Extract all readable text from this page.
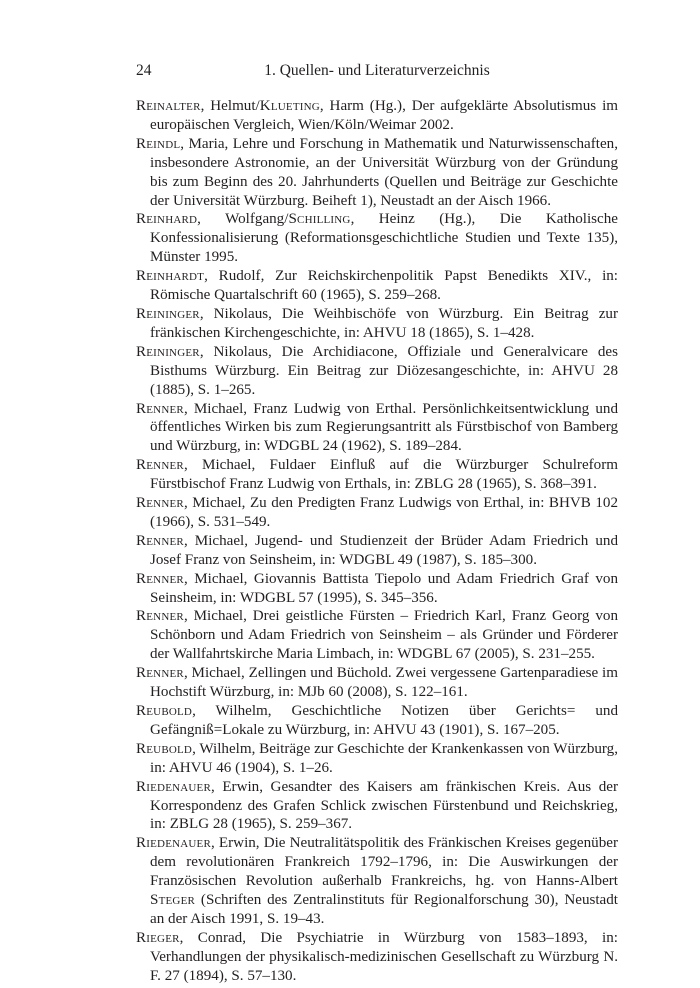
24	1. Quellen- und Literaturverzeichnis

Reinalter, Helmut/Klueting, Harm (Hg.), Der aufgeklärte Absolutismus im europäischen Vergleich, Wien/Köln/Weimar 2002.

Reindl, Maria, Lehre und Forschung in Mathematik und Naturwissenschaften, insbesondere Astronomie, an der Universität Würzburg von der Gründung bis zum Beginn des 20. Jahrhunderts (Quellen und Beiträge zur Geschichte der Universität Würzburg. Beiheft 1), Neustadt an der Aisch 1966.

Reinhard, Wolfgang/Schilling, Heinz (Hg.), Die Katholische Konfessionalisierung (Reformationsgeschichtliche Studien und Texte 135), Münster 1995.

Reinhardt, Rudolf, Zur Reichskirchenpolitik Papst Benedikts XIV., in: Römische Quartalschrift 60 (1965), S. 259–268.

Reininger, Nikolaus, Die Weihbischöfe von Würzburg. Ein Beitrag zur fränkischen Kirchengeschichte, in: AHVU 18 (1865), S. 1–428.

Reininger, Nikolaus, Die Archidiacone, Offiziale und Generalvicare des Bisthums Würzburg. Ein Beitrag zur Diözesangeschichte, in: AHVU 28 (1885), S. 1–265.

Renner, Michael, Franz Ludwig von Erthal. Persönlichkeitsentwicklung und öffentliches Wirken bis zum Regierungsantritt als Fürstbischof von Bamberg und Würzburg, in: WDGBL 24 (1962), S. 189–284.

Renner, Michael, Fuldaer Einfluß auf die Würzburger Schulreform Fürstbischof Franz Ludwig von Erthals, in: ZBLG 28 (1965), S. 368–391.

Renner, Michael, Zu den Predigten Franz Ludwigs von Erthal, in: BHVB 102 (1966), S. 531–549.

Renner, Michael, Jugend- und Studienzeit der Brüder Adam Friedrich und Josef Franz von Seinsheim, in: WDGBL 49 (1987), S. 185–300.

Renner, Michael, Giovannis Battista Tiepolo und Adam Friedrich Graf von Seinsheim, in: WDGBL 57 (1995), S. 345–356.

Renner, Michael, Drei geistliche Fürsten – Friedrich Karl, Franz Georg von Schönborn und Adam Friedrich von Seinsheim – als Gründer und Förderer der Wallfahrtskirche Maria Limbach, in: WDGBL 67 (2005), S. 231–255.

Renner, Michael, Zellingen und Büchold. Zwei vergessene Gartenparadiese im Hochstift Würzburg, in: MJb 60 (2008), S. 122–161.

Reubold, Wilhelm, Geschichtliche Notizen über Gerichts= und Gefängniß=Lokale zu Würzburg, in: AHVU 43 (1901), S. 167–205.

Reubold, Wilhelm, Beiträge zur Geschichte der Krankenkassen von Würzburg, in: AHVU 46 (1904), S. 1–26.

Riedenauer, Erwin, Gesandter des Kaisers am fränkischen Kreis. Aus der Korrespondenz des Grafen Schlick zwischen Fürstenbund und Reichskrieg, in: ZBLG 28 (1965), S. 259–367.

Riedenauer, Erwin, Die Neutralitätspolitik des Fränkischen Kreises gegenüber dem revolutionären Frankreich 1792–1796, in: Die Auswirkungen der Französischen Revolution außerhalb Frankreichs, hg. von Hanns-Albert Steger (Schriften des Zentralinstituts für Regionalforschung 30), Neustadt an der Aisch 1991, S. 19–43.

Rieger, Conrad, Die Psychiatrie in Würzburg von 1583–1893, in: Verhandlungen der physikalisch-medizinischen Gesellschaft zu Würzburg N. F. 27 (1894), S. 57–130.
